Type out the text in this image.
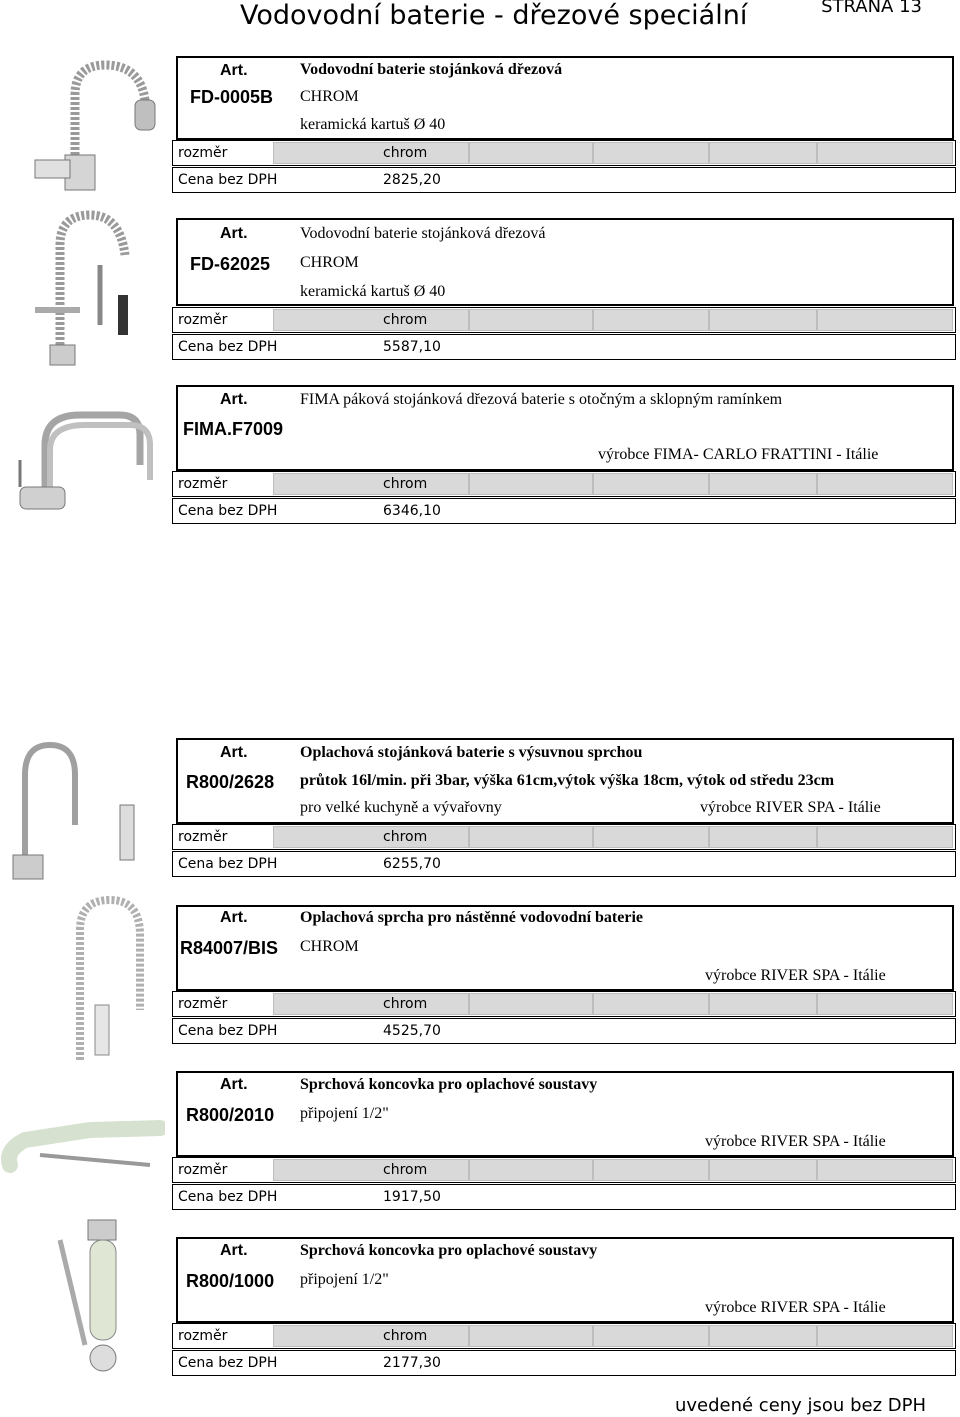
Vodovodní baterie - dřezové speciální	STRANA 13
Art.
FD-0005B
Vodovodní baterie stojánková dřezová
CHROM
keramická kartuš Ø 40
rozměr	chrom
Cena bez DPH	2825,20
Art.
FD-62025
Vodovodní baterie stojánková dřezová
CHROM
keramická kartuš Ø 40
rozměr	chrom
Cena bez DPH	5587,10
Art.
FIMA.F7009
FIMA páková stojánková dřezová baterie s otočným a sklopným ramínkem
výrobce FIMA- CARLO FRATTINI - Itálie
rozměr	chrom
Cena bez DPH	6346,10
Art.
R800/2628
Oplachová stojánková baterie s výsuvnou sprchou
průtok 16l/min. při 3bar, výška 61cm,výtok výška 18cm, výtok od středu 23cm
pro velké kuchyně a vývařovny	výrobce RIVER SPA - Itálie
rozměr	chrom
Cena bez DPH	6255,70
Art.
R84007/BIS
Oplachová sprcha pro nástěnné vodovodní baterie
CHROM
výrobce RIVER SPA - Itálie
rozměr	chrom
Cena bez DPH	4525,70
Art.
R800/2010
Sprchová koncovka pro oplachové soustavy
připojení 1/2"
výrobce RIVER SPA - Itálie
rozměr	chrom
Cena bez DPH	1917,50
Art.
R800/1000
Sprchová koncovka pro oplachové soustavy
připojení 1/2"
výrobce RIVER SPA - Itálie
rozměr	chrom
Cena bez DPH	2177,30
uvedené ceny jsou bez DPH
